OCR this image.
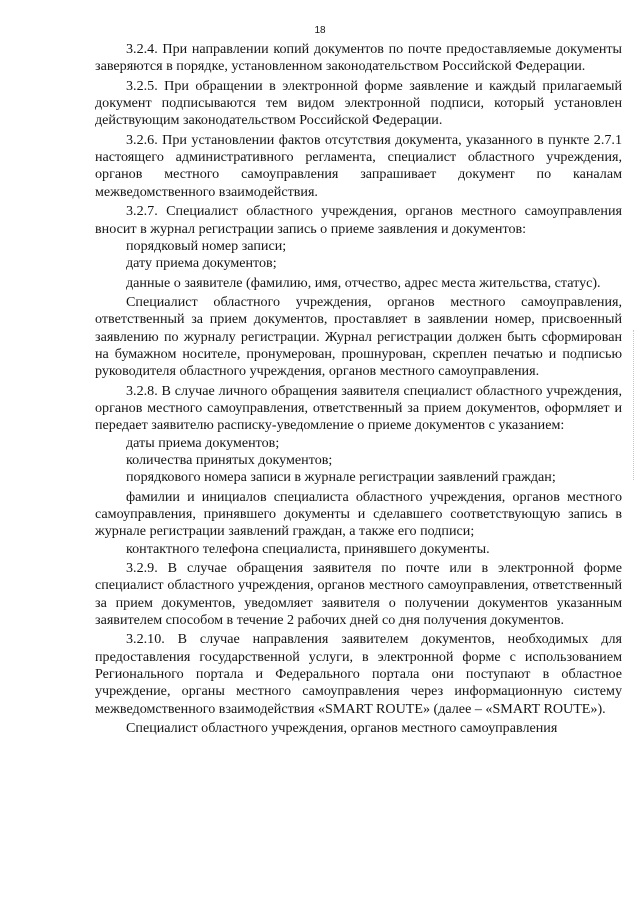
18

3.2.4. При направлении копий документов по почте предоставляемые документы заверяются в порядке, установленном законодательством Российской Федерации.

3.2.5. При обращении в электронной форме заявление и каждый прилагаемый документ подписываются тем видом электронной подписи, который установлен действующим законодательством Российской Федерации.

3.2.6. При установлении фактов отсутствия документа, указанного в пункте 2.7.1 настоящего административного регламента, специалист областного учреждения, органов местного самоуправления запрашивает документ по каналам межведомственного взаимодействия.

3.2.7. Специалист областного учреждения, органов местного самоуправления вносит в журнал регистрации запись о приеме заявления и документов:

порядковый номер записи;

дату приема документов;

данные о заявителе (фамилию, имя, отчество, адрес места жительства, статус).

Специалист областного учреждения, органов местного самоуправления, ответственный за прием документов, проставляет в заявлении номер, присвоенный заявлению по журналу регистрации. Журнал регистрации должен быть сформирован на бумажном носителе, пронумерован, прошнурован, скреплен печатью и подписью руководителя областного учреждения, органов местного самоуправления.

3.2.8. В случае личного обращения заявителя специалист областного учреждения, органов местного самоуправления, ответственный за прием документов, оформляет и передает заявителю расписку-уведомление о приеме документов с указанием:

даты приема документов;

количества принятых документов;

порядкового номера записи в журнале регистрации заявлений граждан;

фамилии и инициалов специалиста областного учреждения, органов местного самоуправления, принявшего документы и сделавшего соответствующую запись в журнале регистрации заявлений граждан, а также его подписи;

контактного телефона специалиста, принявшего документы.

3.2.9. В случае обращения заявителя по почте или в электронной форме специалист областного учреждения, органов местного самоуправления, ответственный за прием документов, уведомляет заявителя о получении документов указанным заявителем способом в течение 2 рабочих дней со дня получения документов.

3.2.10. В случае направления заявителем документов, необходимых для предоставления государственной услуги, в электронной форме с использованием Регионального портала и Федерального портала они поступают в областное учреждение, органы местного самоуправления через информационную систему межведомственного взаимодействия «SMART ROUTE» (далее – «SMART ROUTE»).

Специалист областного учреждения, органов местного самоуправления
